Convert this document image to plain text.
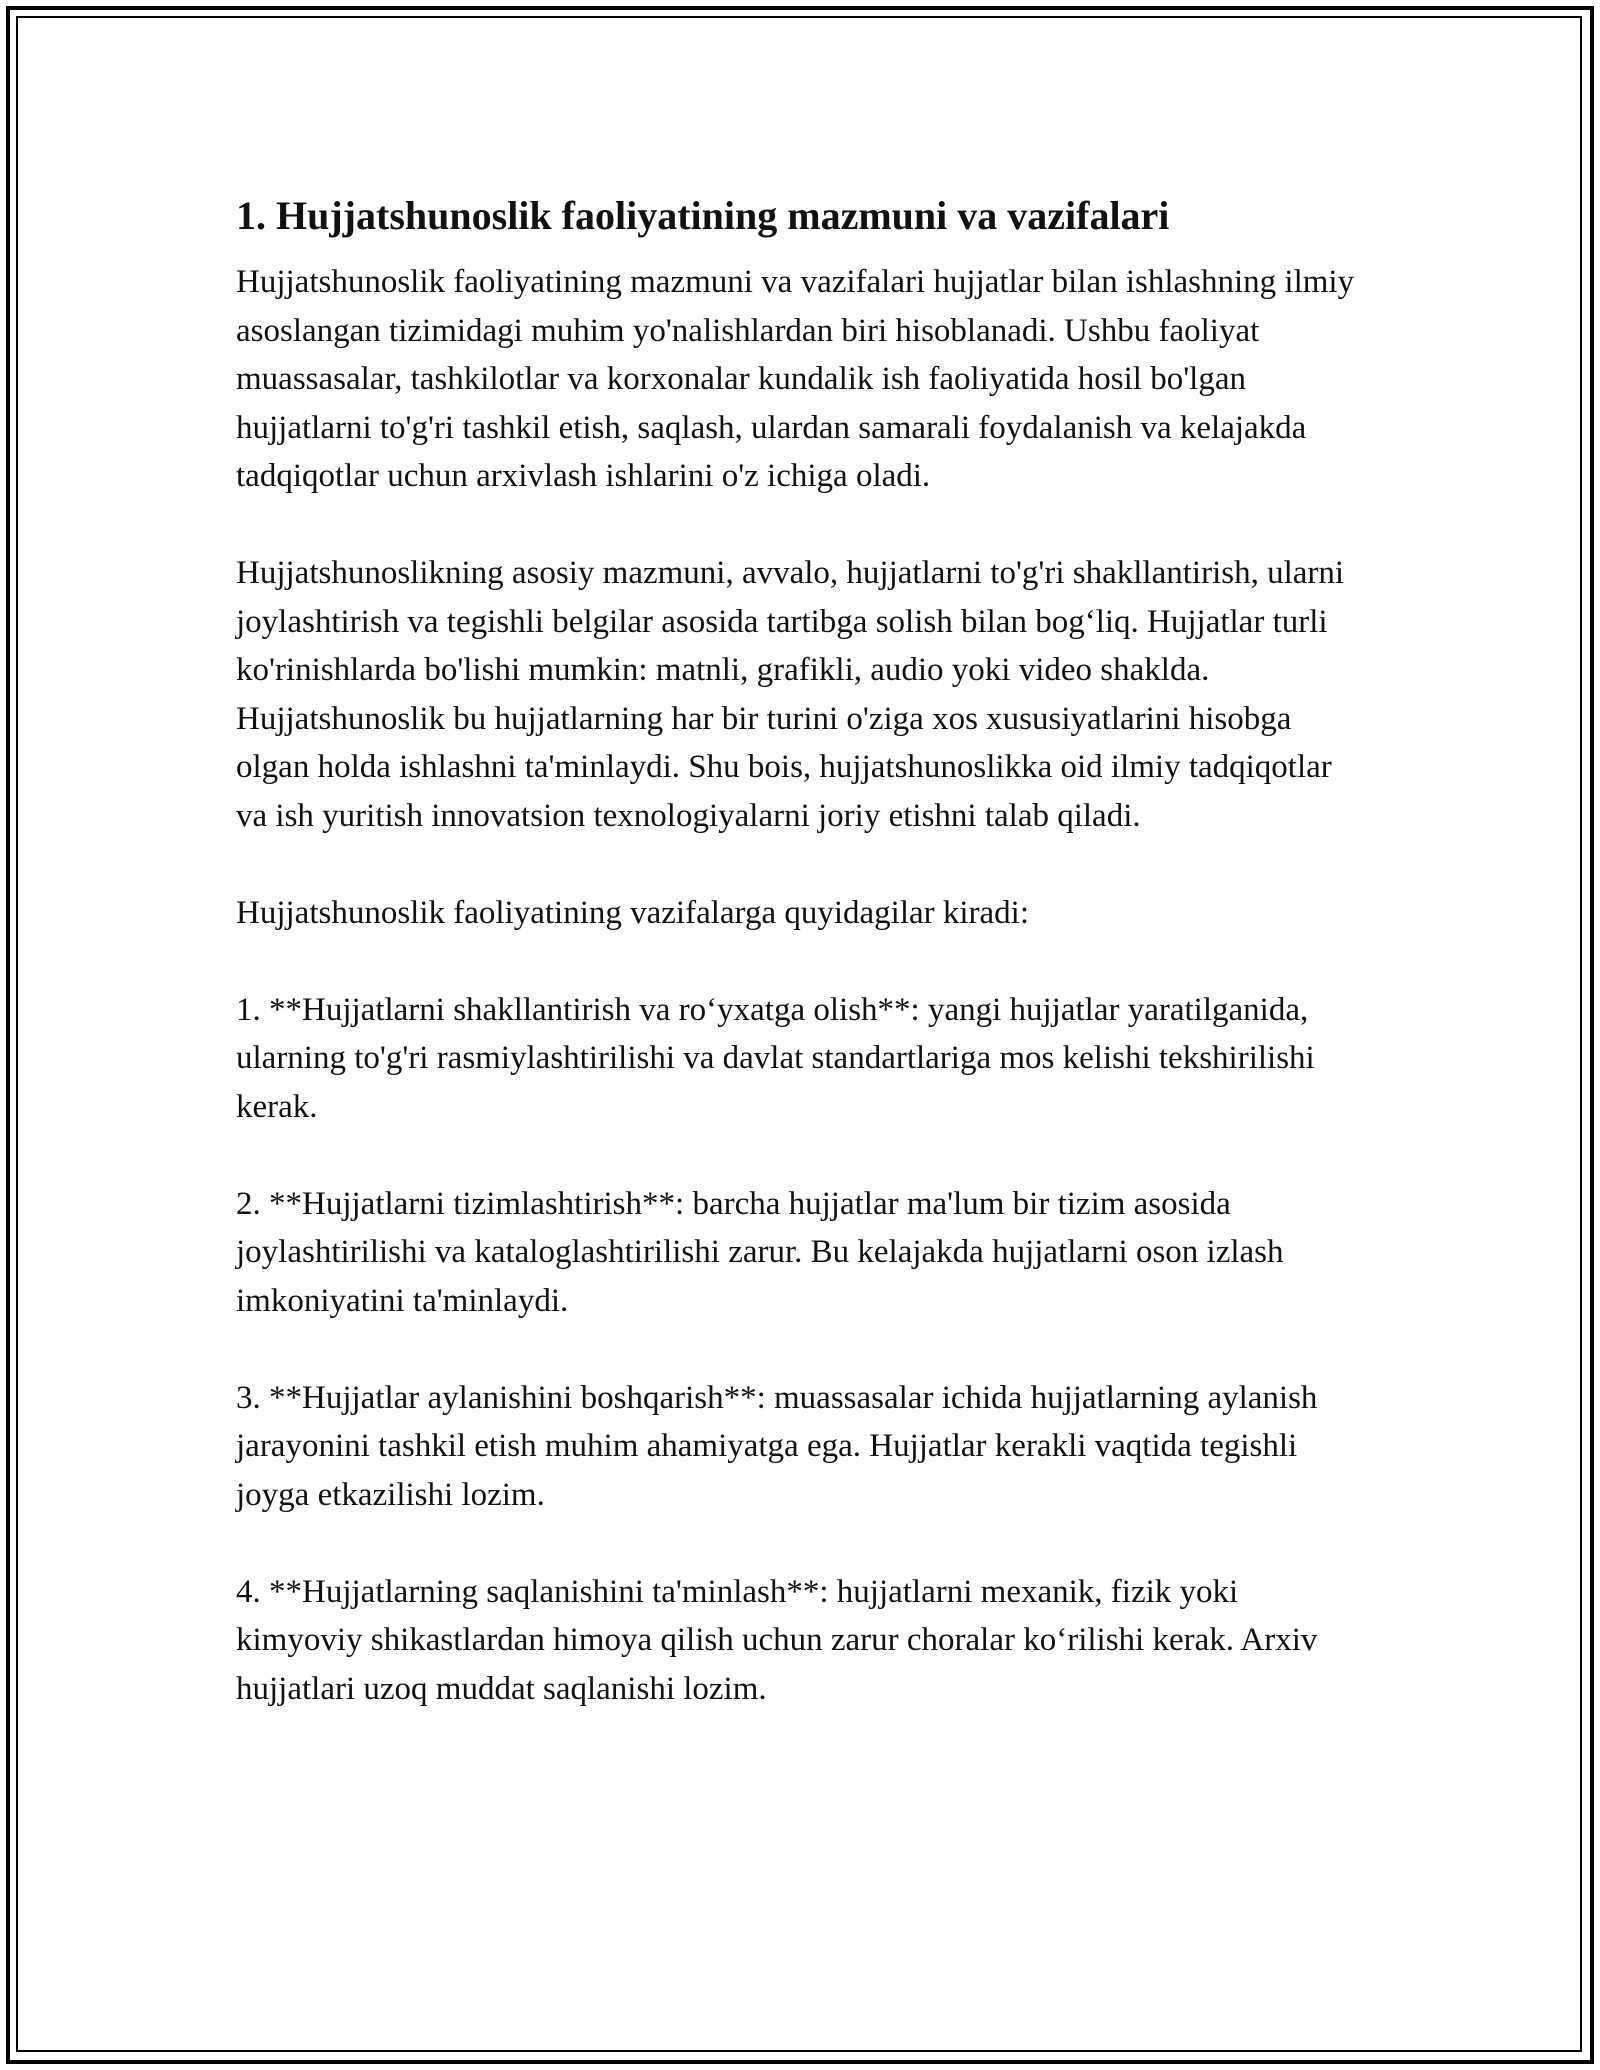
1. Hujjatshunoslik faoliyatining mazmuni va vazifalari

Hujjatshunoslik faoliyatining mazmuni va vazifalari hujjatlar bilan ishlashning ilmiy asoslangan tizimidagi muhim yo'nalishlardan biri hisoblanadi. Ushbu faoliyat muassasalar, tashkilotlar va korxonalar kundalik ish faoliyatida hosil bo'lgan hujjatlarni to'g'ri tashkil etish, saqlash, ulardan samarali foydalanish va kelajakda tadqiqotlar uchun arxivlash ishlarini o'z ichiga oladi.

Hujjatshunoslikning asosiy mazmuni, avvalo, hujjatlarni to'g'ri shakllantirish, ularni joylashtirish va tegishli belgilar asosida tartibga solish bilan bog‘liq. Hujjatlar turli ko'rinishlarda bo'lishi mumkin: matnli, grafikli, audio yoki video shaklda. Hujjatshunoslik bu hujjatlarning har bir turini o'ziga xos xususiyatlarini hisobga olgan holda ishlashni ta'minlaydi. Shu bois, hujjatshunoslikka oid ilmiy tadqiqotlar va ish yuritish innovatsion texnologiyalarni joriy etishni talab qiladi.

Hujjatshunoslik faoliyatining vazifalarga quyidagilar kiradi:

1. **Hujjatlarni shakllantirish va ro‘yxatga olish**: yangi hujjatlar yaratilganida, ularning to'g'ri rasmiylashtirilishi va davlat standartlariga mos kelishi tekshirilishi kerak.

2. **Hujjatlarni tizimlashtirish**: barcha hujjatlar ma'lum bir tizim asosida joylashtirilishi va kataloglashtirilishi zarur. Bu kelajakda hujjatlarni oson izlash imkoniyatini ta'minlaydi.

3. **Hujjatlar aylanishini boshqarish**: muassasalar ichida hujjatlarning aylanish jarayonini tashkil etish muhim ahamiyatga ega. Hujjatlar kerakli vaqtida tegishli joyga etkazilishi lozim.

4. **Hujjatlarning saqlanishini ta'minlash**: hujjatlarni mexanik, fizik yoki kimyoviy shikastlardan himoya qilish uchun zarur choralar ko‘rilishi kerak. Arxiv hujjatlari uzoq muddat saqlanishi lozim.
